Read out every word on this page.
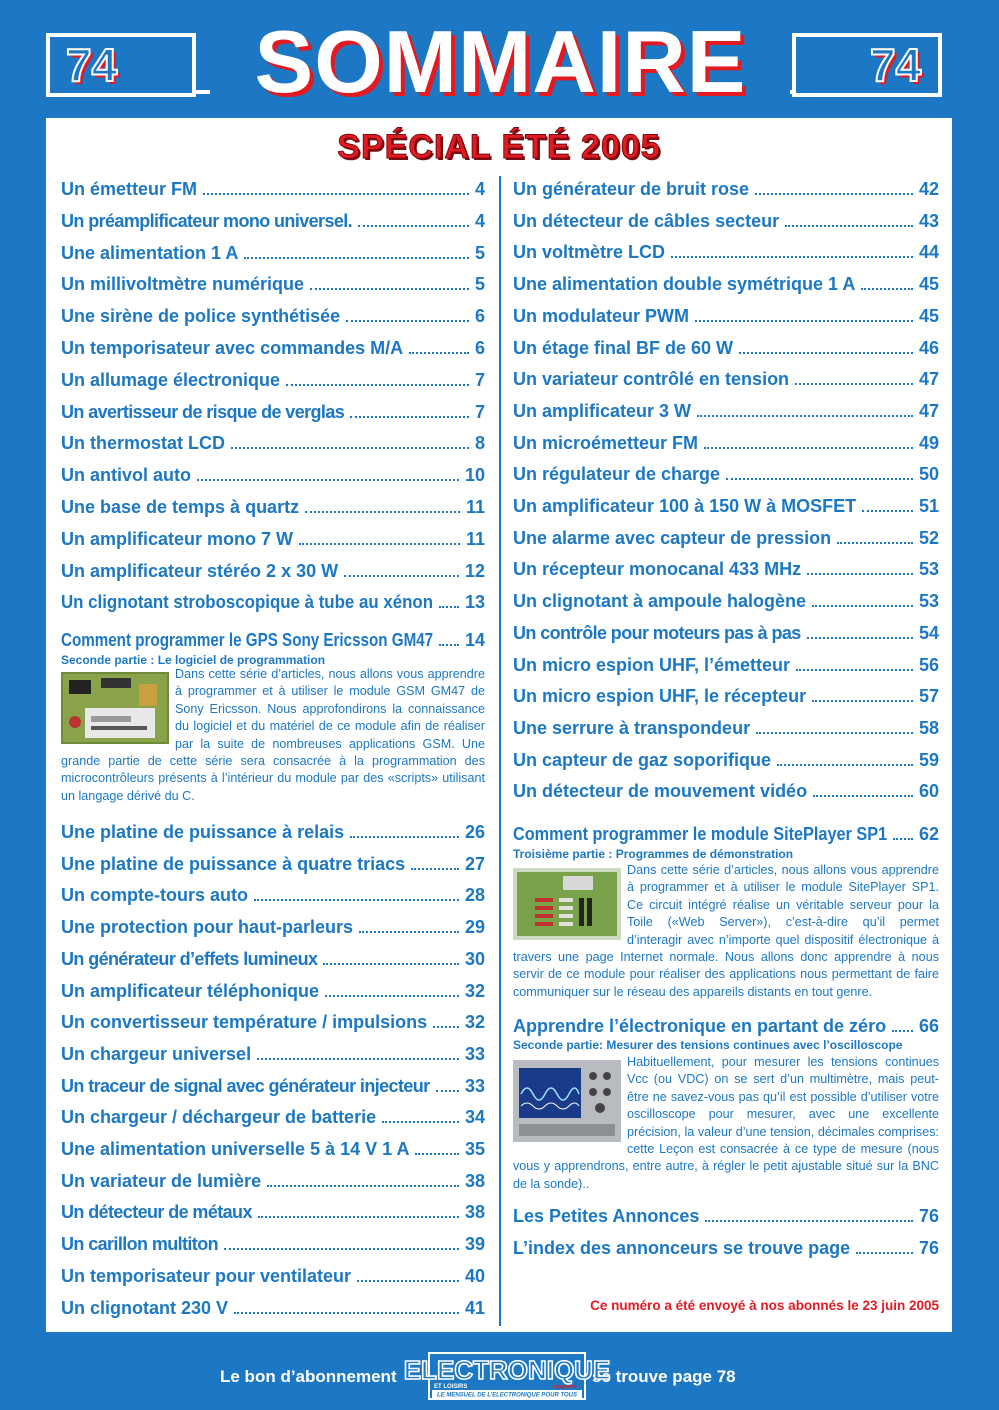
74	SOMMAIRE	74
SPÉCIAL ÉTÉ 2005
Un émetteur FM	4
Un préamplificateur mono universel.	4
Une alimentation 1 A	5
Un millivoltmètre numérique	5
Une sirène de police synthétisée	6
Un temporisateur avec commandes M/A	6
Un allumage électronique	7
Un avertisseur de risque de verglas	7
Un thermostat LCD	8
Un antivol auto	10
Une base de temps à quartz	11
Un amplificateur mono 7 W	11
Un amplificateur stéréo 2 x 30 W	12
Un clignotant stroboscopique à tube au xénon 13
Comment programmer le GPS Sony Ericsson GM47 14
Seconde partie : Le logiciel de programmation
Dans cette série d’articles, nous allons vous apprendre à programmer et à utiliser le module GSM GM47 de Sony Ericsson. Nous approfondirons la connaissance du logiciel et du matériel de ce module afin de réaliser par la suite de nombreuses applications GSM. Une grande partie de cette série sera consacrée à la programmation des microcontrôleurs présents à l’intérieur du module par des «scripts» utilisant un langage dérivé du C.
Une platine de puissance à relais	26
Une platine de puissance à quatre triacs	27
Un compte-tours auto	28
Une protection pour haut-parleurs	29
Un générateur d’effets lumineux	30
Un amplificateur téléphonique	32
Un convertisseur température / impulsions 32
Un chargeur universel	33
Un traceur de signal avec générateur injecteur 33
Un chargeur / déchargeur de batterie	34
Une alimentation universelle 5 à 14 V 1 A	35
Un variateur de lumière	38
Un détecteur de métaux	38
Un carillon multiton	39
Un temporisateur pour ventilateur	40
Un clignotant 230 V	41
Un générateur de bruit rose	42
Un détecteur de câbles secteur	43
Un voltmètre LCD	44
Une alimentation double symétrique 1 A	45
Un modulateur PWM	45
Un étage final BF de 60 W	46
Un variateur contrôlé en tension	47
Un amplificateur 3 W	47
Un microémetteur FM	49
Un régulateur de charge	50
Un amplificateur 100 à 150 W à MOSFET	51
Une alarme avec capteur de pression	52
Un récepteur monocanal 433 MHz	53
Un clignotant à ampoule halogène	53
Un contrôle pour moteurs pas à pas	54
Un micro espion UHF, l’émetteur	56
Un micro espion UHF, le récepteur	57
Une serrure à transpondeur	58
Un capteur de gaz soporifique	59
Un détecteur de mouvement vidéo	60
Comment programmer le module SitePlayer SP1 62
Troisième partie : Programmes de démonstration
Dans cette série d’articles, nous allons vous apprendre à programmer et à utiliser le module SitePlayer SP1. Ce circuit intégré réalise un véritable serveur pour la Toile («Web Server»), c’est-à-dire qu’il permet d’interagir avec n’importe quel dispositif électronique à travers une page Internet normale. Nous allons donc apprendre à nous servir de ce module pour réaliser des applications nous permettant de faire communiquer sur le réseau des appareils distants en tout genre.
Apprendre l’électronique en partant de zéro 66
Seconde partie: Mesurer des tensions continues avec l’oscilloscope
Habituellement, pour mesurer les tensions continues Vcc (ou VDC) on se sert d’un multimètre, mais peut-être ne savez-vous pas qu’il est possible d’utiliser votre oscilloscope pour mesurer, avec une excellente précision, la valeur d’une tension, décimales comprises: cette Leçon est consacrée à ce type de mesure (nous vous y apprendrons, entre autre, à régler le petit ajustable situé sur la BNC de la sonde)..
Les Petites Annonces	76
L’index des annonceurs se trouve page	76
Ce numéro a été envoyé à nos abonnés le 23 juin 2005
Le bon d’abonnement	se trouve page 78
ELECTRONIQUE
ET LOISIRS	magazine
LE MENSUEL DE L’ELECTRONIQUE POUR TOUS
